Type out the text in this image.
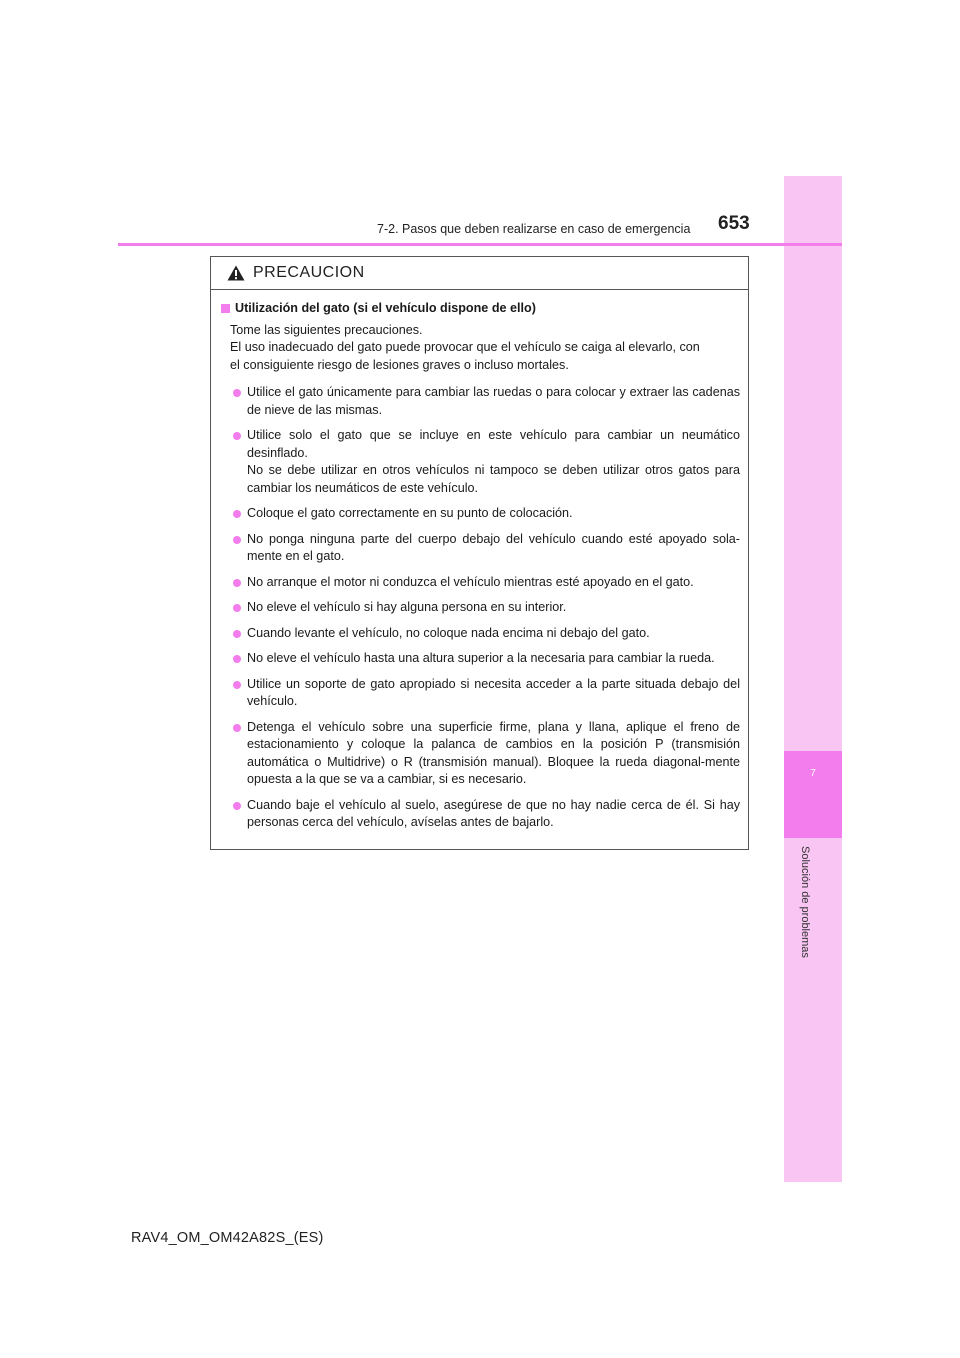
7
Solución de problemas
7-2. Pasos que deben realizarse en caso de emergencia 653
PRECAUCION
Utilización del gato (si el vehículo dispone de ello)
Tome las siguientes precauciones.
El uso inadecuado del gato puede provocar que el vehículo se caiga al elevarlo, con
el consiguiente riesgo de lesiones graves o incluso mortales.
Utilice el gato únicamente para cambiar las ruedas o para colocar y extraer las cadenas de nieve de las mismas.
Utilice solo el gato que se incluye en este vehículo para cambiar un neumático desinflado.
No se debe utilizar en otros vehículos ni tampoco se deben utilizar otros gatos para cambiar los neumáticos de este vehículo.
Coloque el gato correctamente en su punto de colocación.
No ponga ninguna parte del cuerpo debajo del vehículo cuando esté apoyado sola-mente en el gato.
No arranque el motor ni conduzca el vehículo mientras esté apoyado en el gato.
No eleve el vehículo si hay alguna persona en su interior.
Cuando levante el vehículo, no coloque nada encima ni debajo del gato.
No eleve el vehículo hasta una altura superior a la necesaria para cambiar la rueda.
Utilice un soporte de gato apropiado si necesita acceder a la parte situada debajo del vehículo.
Detenga el vehículo sobre una superficie firme, plana y llana, aplique el freno de estacionamiento y coloque la palanca de cambios en la posición P (transmisión automática o Multidrive) o R (transmisión manual). Bloquee la rueda diagonal-mente opuesta a la que se va a cambiar, si es necesario.
Cuando baje el vehículo al suelo, asegúrese de que no hay nadie cerca de él. Si hay personas cerca del vehículo, avíselas antes de bajarlo.
RAV4_OM_OM42A82S_(ES)
